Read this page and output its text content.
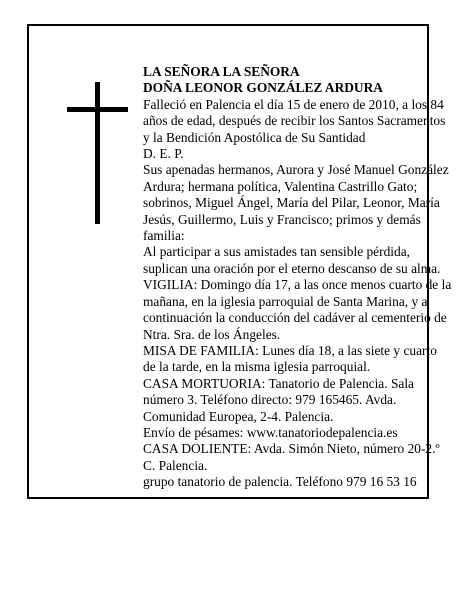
LA SEÑORA LA SEÑORA

DOÑA LEONOR GONZÁLEZ ARDURA

Falleció en Palencia el día 15 de enero de 2010, a los 84 años de edad, después de recibir los Santos Sacramentos y la Bendición Apostólica de Su Santidad

D. E. P.

Sus apenadas hermanos, Aurora y José Manuel González Ardura; hermana política, Valentina Castrillo Gato; sobrinos, Miguel Ángel, María del Pilar, Leonor, María Jesús, Guillermo, Luis y Francisco; primos y demás familia:

Al participar a sus amistades tan sensible pérdida, suplican una oración por el eterno descanso de su alma.

VIGILIA: Domingo día 17, a las once menos cuarto de la mañana, en la iglesia parroquial de Santa Marina, y a continuación la conducción del cadáver al cementerio de Ntra. Sra. de los Ángeles.

MISA DE FAMILIA: Lunes día 18, a las siete y cuarto de la tarde, en la misma iglesia parroquial.

CASA MORTUORIA: Tanatorio de Palencia. Sala número 3. Teléfono directo: 979 165465. Avda. Comunidad Europea, 2-4. Palencia.

Envío de pésames: www.tanatoriodepalencia.es

CASA DOLIENTE: Avda. Simón Nieto, número 20-2.º C. Palencia.

grupo tanatorio de palencia. Teléfono 979 16 53 16
